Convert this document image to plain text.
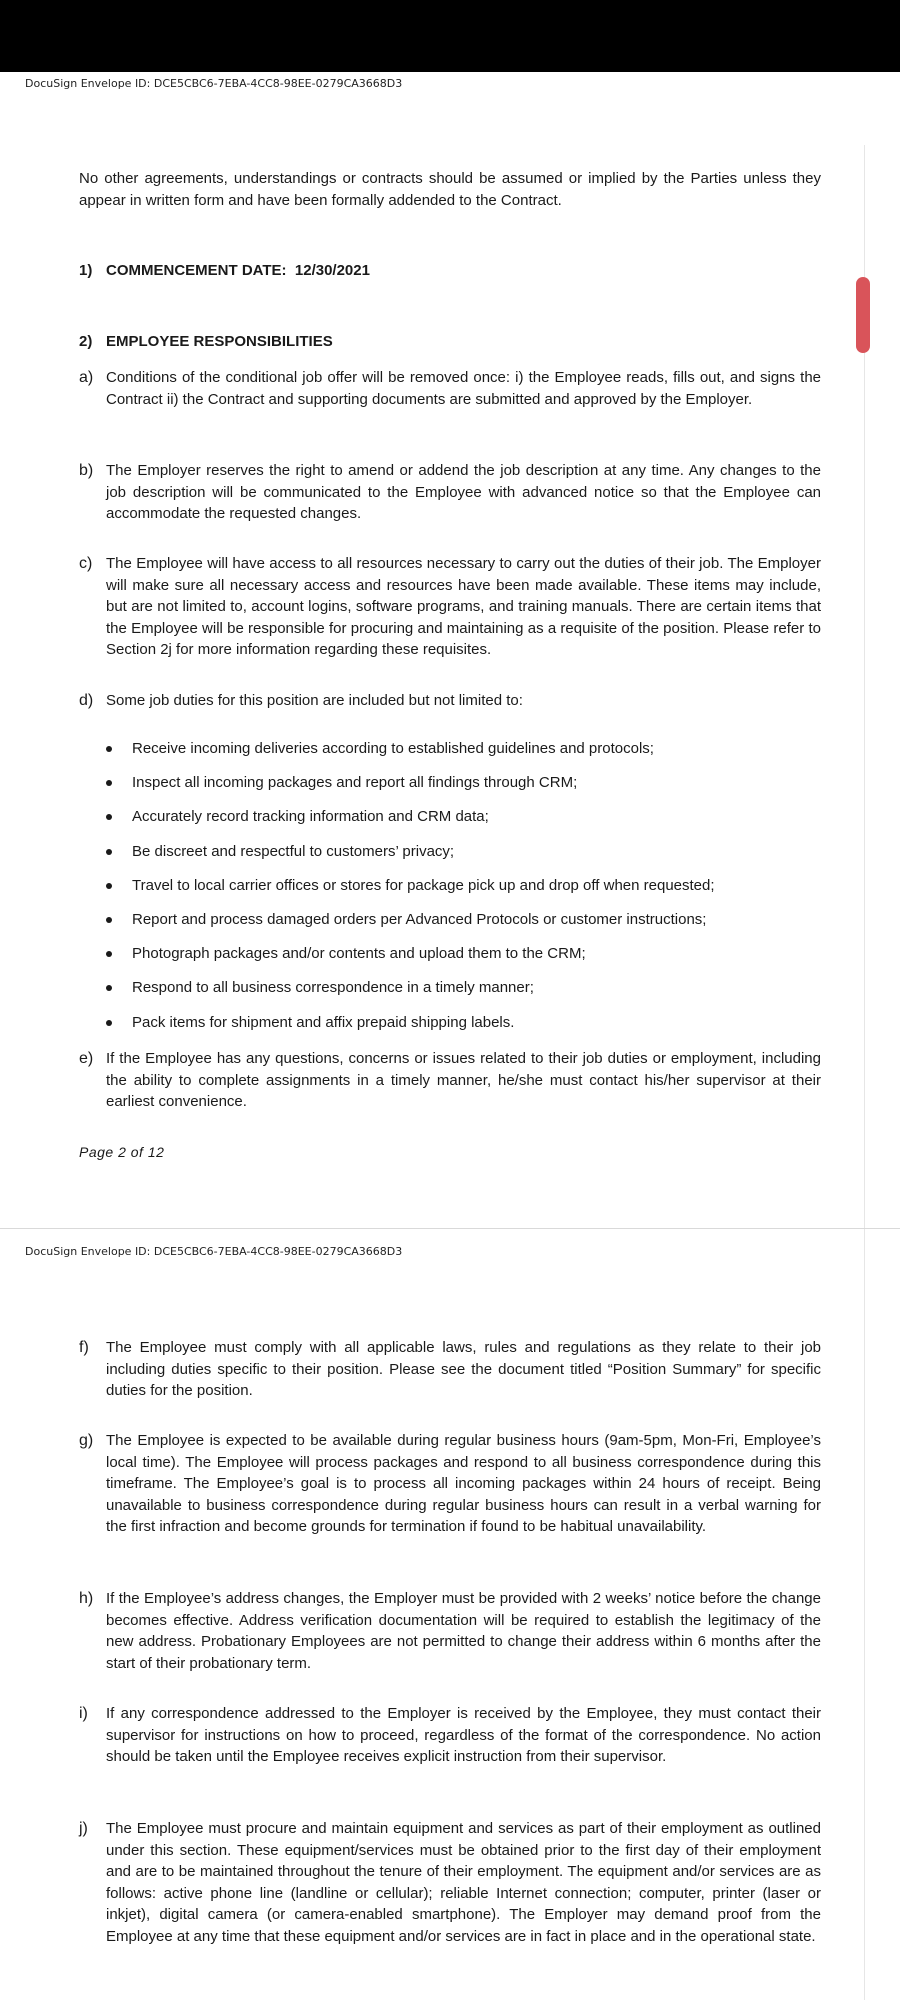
DocuSign Envelope ID: DCE5CBC6-7EBA-4CC8-98EE-0279CA3668D3
No other agreements, understandings or contracts should be assumed or implied by the Parties unless they appear in written form and have been formally addended to the Contract.
1) COMMENCEMENT DATE: 12/30/2021
2) EMPLOYEE RESPONSIBILITIES
a) Conditions of the conditional job offer will be removed once: i) the Employee reads, fills out, and signs the Contract ii) the Contract and supporting documents are submitted and approved by the Employer.
b) The Employer reserves the right to amend or addend the job description at any time. Any changes to the job description will be communicated to the Employee with advanced notice so that the Employee can accommodate the requested changes.
c) The Employee will have access to all resources necessary to carry out the duties of their job. The Employer will make sure all necessary access and resources have been made available. These items may include, but are not limited to, account logins, software programs, and training manuals. There are certain items that the Employee will be responsible for procuring and maintaining as a requisite of the position. Please refer to Section 2j for more information regarding these requisites.
d) Some job duties for this position are included but not limited to:
Receive incoming deliveries according to established guidelines and protocols;
Inspect all incoming packages and report all findings through CRM;
Accurately record tracking information and CRM data;
Be discreet and respectful to customers’ privacy;
Travel to local carrier offices or stores for package pick up and drop off when requested;
Report and process damaged orders per Advanced Protocols or customer instructions;
Photograph packages and/or contents and upload them to the CRM;
Respond to all business correspondence in a timely manner;
Pack items for shipment and affix prepaid shipping labels.
e) If the Employee has any questions, concerns or issues related to their job duties or employment, including the ability to complete assignments in a timely manner, he/she must contact his/her supervisor at their earliest convenience.
Page 2 of 12
DocuSign Envelope ID: DCE5CBC6-7EBA-4CC8-98EE-0279CA3668D3
f) The Employee must comply with all applicable laws, rules and regulations as they relate to their job including duties specific to their position. Please see the document titled “Position Summary” for specific duties for the position.
g) The Employee is expected to be available during regular business hours (9am-5pm, Mon-Fri, Employee’s local time). The Employee will process packages and respond to all business correspondence during this timeframe. The Employee’s goal is to process all incoming packages within 24 hours of receipt. Being unavailable to business correspondence during regular business hours can result in a verbal warning for the first infraction and become grounds for termination if found to be habitual unavailability.
h) If the Employee’s address changes, the Employer must be provided with 2 weeks’ notice before the change becomes effective. Address verification documentation will be required to establish the legitimacy of the new address. Probationary Employees are not permitted to change their address within 6 months after the start of their probationary term.
i) If any correspondence addressed to the Employer is received by the Employee, they must contact their supervisor for instructions on how to proceed, regardless of the format of the correspondence. No action should be taken until the Employee receives explicit instruction from their supervisor.
j) The Employee must procure and maintain equipment and services as part of their employment as outlined under this section. These equipment/services must be obtained prior to the first day of their employment and are to be maintained throughout the tenure of their employment. The equipment and/or services are as follows: active phone line (landline or cellular); reliable Internet connection; computer, printer (laser or inkjet), digital camera (or camera-enabled smartphone). The Employer may demand proof from the Employee at any time that these equipment and/or services are in fact in place and in the operational state.
